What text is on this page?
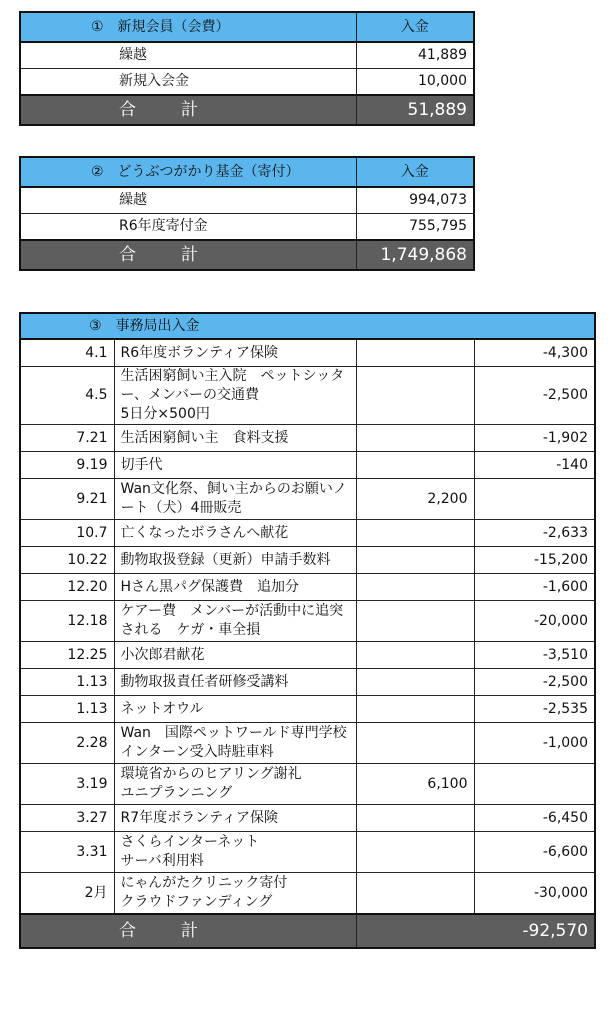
①　新規会員（会費）	入金
繰越	41,889
新規入会金	10,000
合　計	51,889
②　どうぶつがかり基金（寄付）	入金
繰越	994,073
R6年度寄付金	755,795
合　計	1,749,868
③　事務局出入金			
4.1	R6年度ボランティア保険		-4,300
4.5	生活困窮飼い主入院　ペットシッター、メンバーの交通費
5日分×500円		-2,500
7.21	生活困窮飼い主　食料支援		-1,902
9.19	切手代		-140
9.21	Wan文化祭、飼い主からのお願いノート（犬）4冊販売	2,200	
10.7	亡くなったボラさんへ献花		-2,633
10.22	動物取扱登録（更新）申請手数料		-15,200
12.20	Hさん黒パグ保護費　追加分		-1,600
12.18	ケアー費　メンバーが活動中に追突される　ケガ・車全損		-20,000
12.25	小次郎君献花		-3,510
1.13	動物取扱責任者研修受講料		-2,500
1.13	ネットオウル		-2,535
2.28	Wan　国際ペットワールド専門学校　インターン受入時駐車料		-1,000
3.19	環境省からのヒアリング謝礼
ユニプランニング	6,100	
3.27	R7年度ボランティア保険		-6,450
3.31	さくらインターネット
サーバ利用料		-6,600
2月	にゃんがたクリニック寄付
クラウドファンディング		-30,000
合　計		-92,570	
